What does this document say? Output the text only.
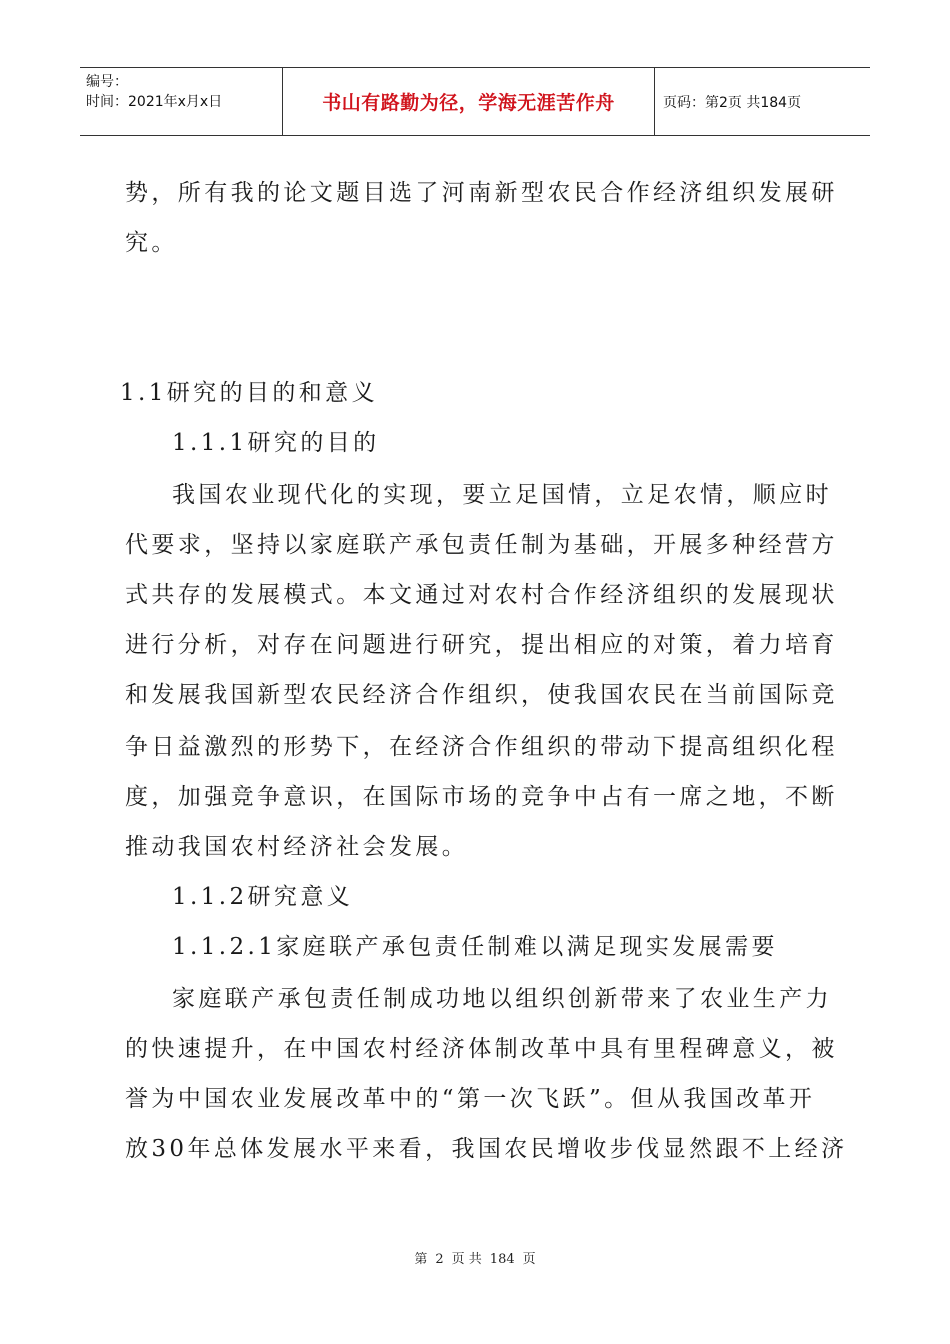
编号：
时间：2021年x月x日	书山有路勤为径，学海无涯苦作舟	页码：第2页 共184页
势，所有我的论文题目选了河南新型农民合作经济组织发展研
究。
1.1研究的目的和意义
1.1.1研究的目的
我国农业现代化的实现，要立足国情，立足农情，顺应时
代要求，坚持以家庭联产承包责任制为基础，开展多种经营方
式共存的发展模式。本文通过对农村合作经济组织的发展现状
进行分析，对存在问题进行研究，提出相应的对策，着力培育
和发展我国新型农民经济合作组织，使我国农民在当前国际竞
争日益激烈的形势下，在经济合作组织的带动下提高组织化程
度，加强竞争意识，在国际市场的竞争中占有一席之地，不断
推动我国农村经济社会发展。
1.1.2研究意义
1.1.2.1家庭联产承包责任制难以满足现实发展需要
家庭联产承包责任制成功地以组织创新带来了农业生产力
的快速提升，在中国农村经济体制改革中具有里程碑意义，被
誉为中国农业发展改革中的“第一次飞跃”。但从我国改革开
放30年总体发展水平来看，我国农民增收步伐显然跟不上经济
第 2 页 共 184 页
